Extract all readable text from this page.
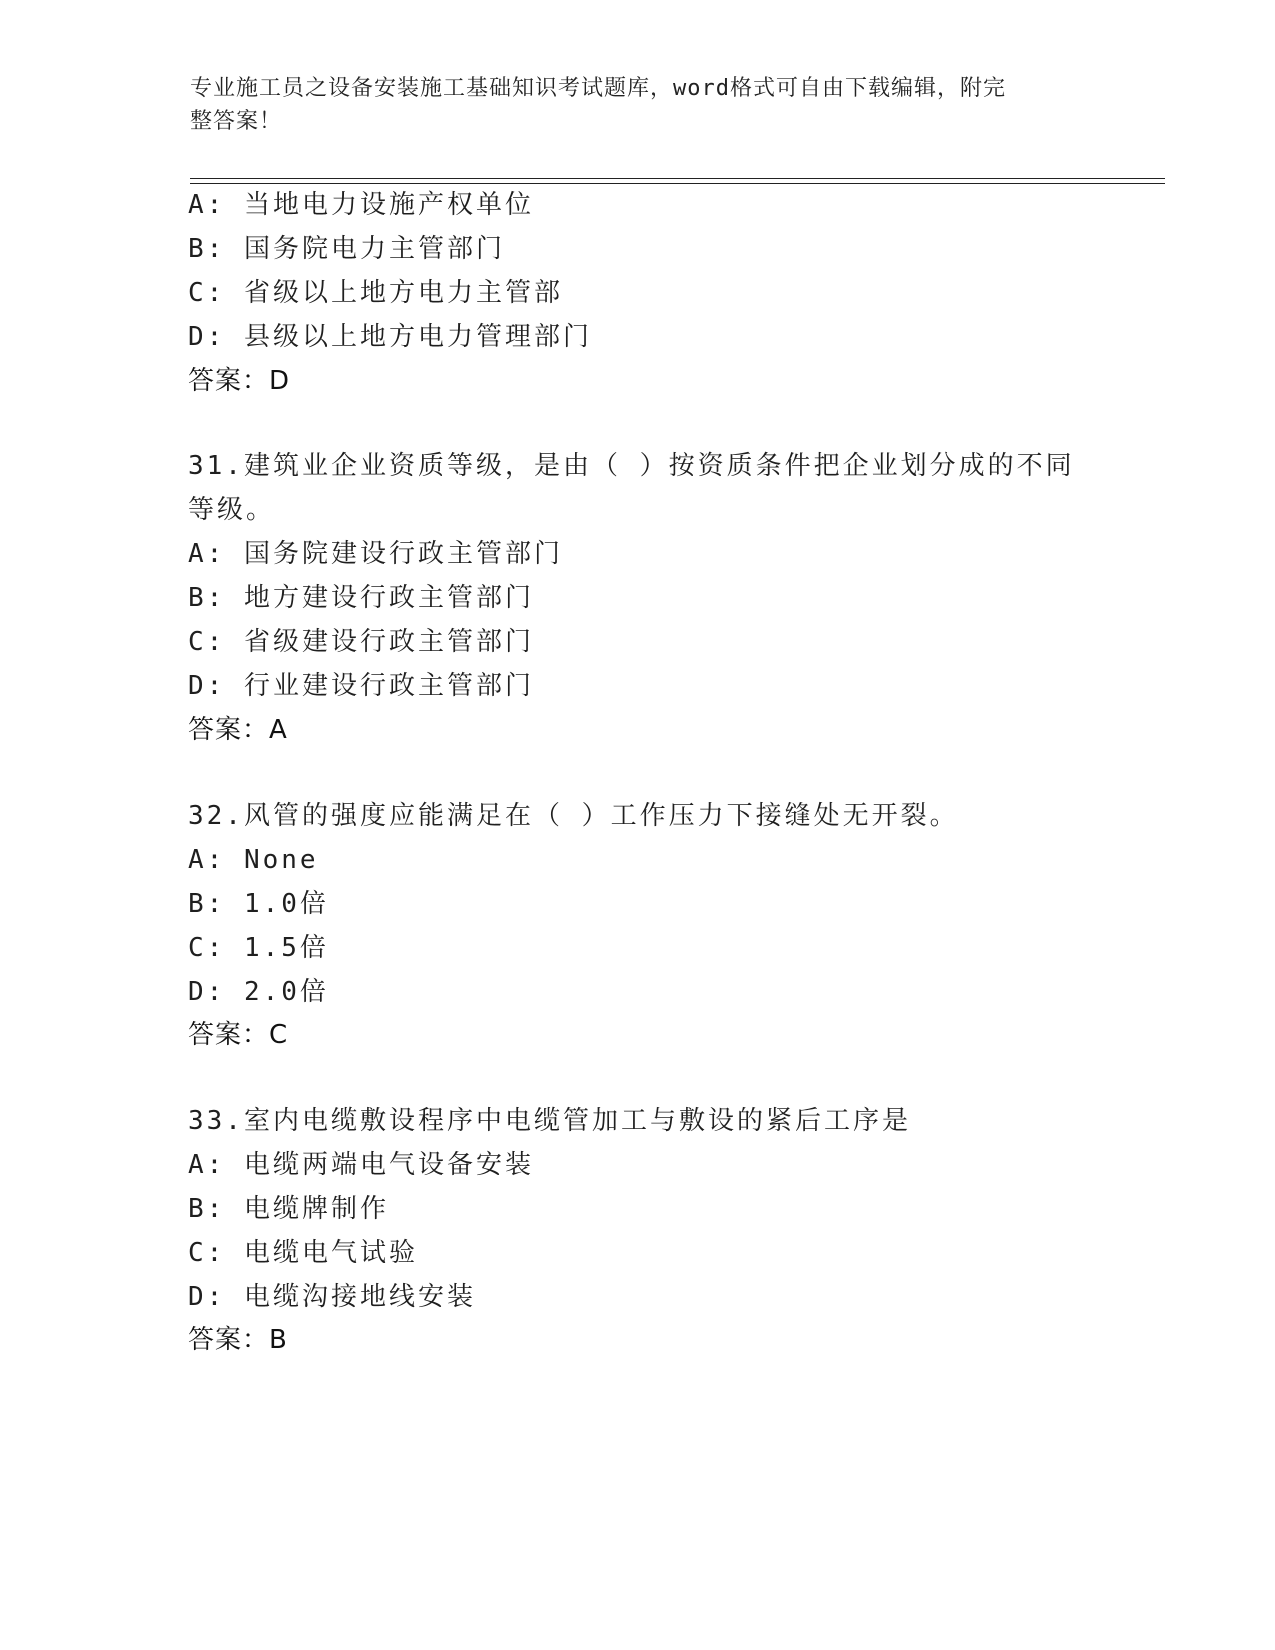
专业施工员之设备安装施工基础知识考试题库，word格式可自由下载编辑，附完
整答案！
A: 当地电力设施产权单位
B: 国务院电力主管部门
C: 省级以上地方电力主管部
D: 县级以上地方电力管理部门
答案：D
31.建筑业企业资质等级，是由（ ）按资质条件把企业划分成的不同
等级。
A: 国务院建设行政主管部门
B: 地方建设行政主管部门
C: 省级建设行政主管部门
D: 行业建设行政主管部门
答案：A
32.风管的强度应能满足在（ ）工作压力下接缝处无开裂。
A: None
B: 1.0倍
C: 1.5倍
D: 2.0倍
答案：C
33.室内电缆敷设程序中电缆管加工与敷设的紧后工序是
A: 电缆两端电气设备安装
B: 电缆牌制作
C: 电缆电气试验
D: 电缆沟接地线安装
答案：B
